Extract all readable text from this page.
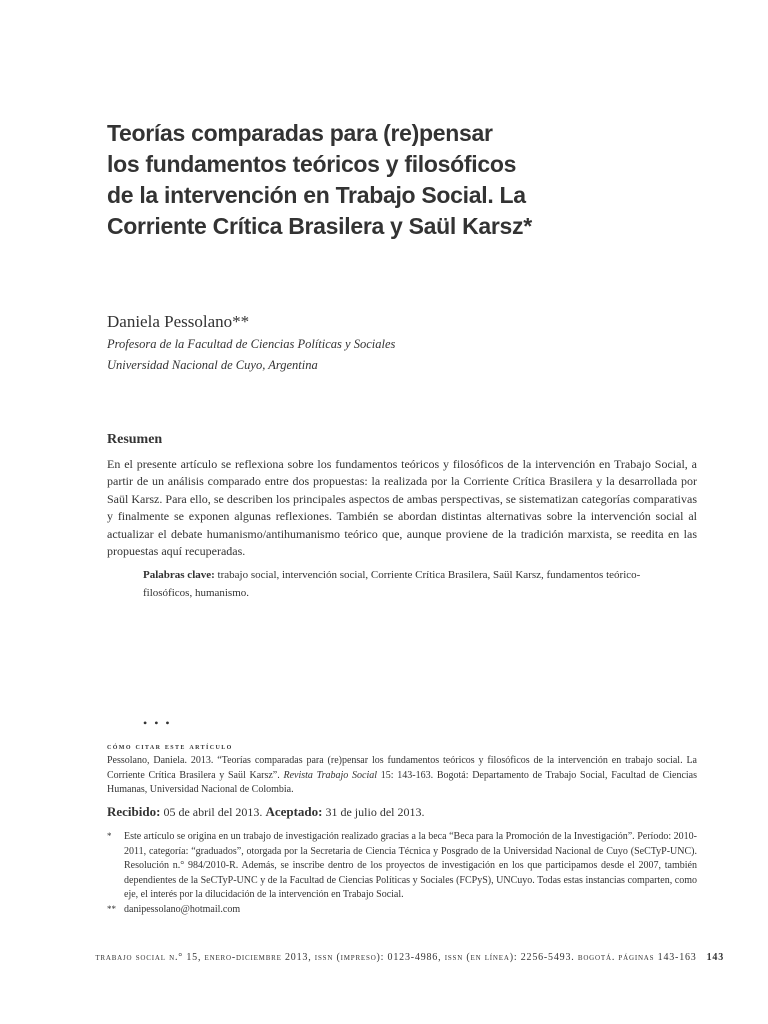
Teorías comparadas para (re)pensar
los fundamentos teóricos y filosóficos
de la intervención en Trabajo Social. La
Corriente Crítica Brasilera y Saül Karsz*

Daniela Pessolano**

Profesora de la Facultad de Ciencias Políticas y Sociales

Universidad Nacional de Cuyo, Argentina

Resumen

En el presente artículo se reflexiona sobre los fundamentos teóricos y filosóficos de la intervención en Trabajo Social, a partir de un análisis comparado entre dos propuestas: la realizada por la Corriente Crítica Brasilera y la desarrollada por Saül Karsz. Para ello, se describen los principales aspectos de ambas perspectivas, se sistematizan categorías comparativas y finalmente se exponen algunas reflexiones. También se abordan distintas alternativas sobre la intervención social al actualizar el debate humanismo/antihumanismo teórico que, aunque proviene de la tradición marxista, se reedita en las propuestas aquí recuperadas.

Palabras clave: trabajo social, intervención social, Corriente Crítica Brasilera, Saül Karsz, fundamentos teórico-filosóficos, humanismo.

• • •
cómo citar este artículo

Pessolano, Daniela. 2013. “Teorías comparadas para (re)pensar los fundamentos teóricos y filosóficos de la intervención en trabajo social. La Corriente Crítica Brasilera y Saül Karsz”. Revista Trabajo Social 15: 143-163. Bogotá: Departamento de Trabajo Social, Facultad de Ciencias Humanas, Universidad Nacional de Colombia.

Recibido: 05 de abril del 2013. Aceptado: 31 de julio del 2013.

* Este artículo se origina en un trabajo de investigación realizado gracias a la beca “Beca para la Promoción de la Investigación”. Período: 2010-2011, categoría: “graduados”, otorgada por la Secretaria de Ciencia Técnica y Posgrado de la Universidad Nacional de Cuyo (SeCTyP-UNC). Resolución n.° 984/2010-R. Además, se inscribe dentro de los proyectos de investigación en los que participamos desde el 2007, también dependientes de la SeCTyP-UNC y de la Facultad de Ciencias Políticas y Sociales (FCPyS), UNCuyo. Todas estas instancias comparten, como eje, el interés por la dilucidación de la intervención en Trabajo Social.
** danipessolano@hotmail.com

trabajo social n.° 15, enero-diciembre 2013, issn (impreso): 0123-4986, issn (en línea): 2256-5493. bogotá. páginas 143-163 143
